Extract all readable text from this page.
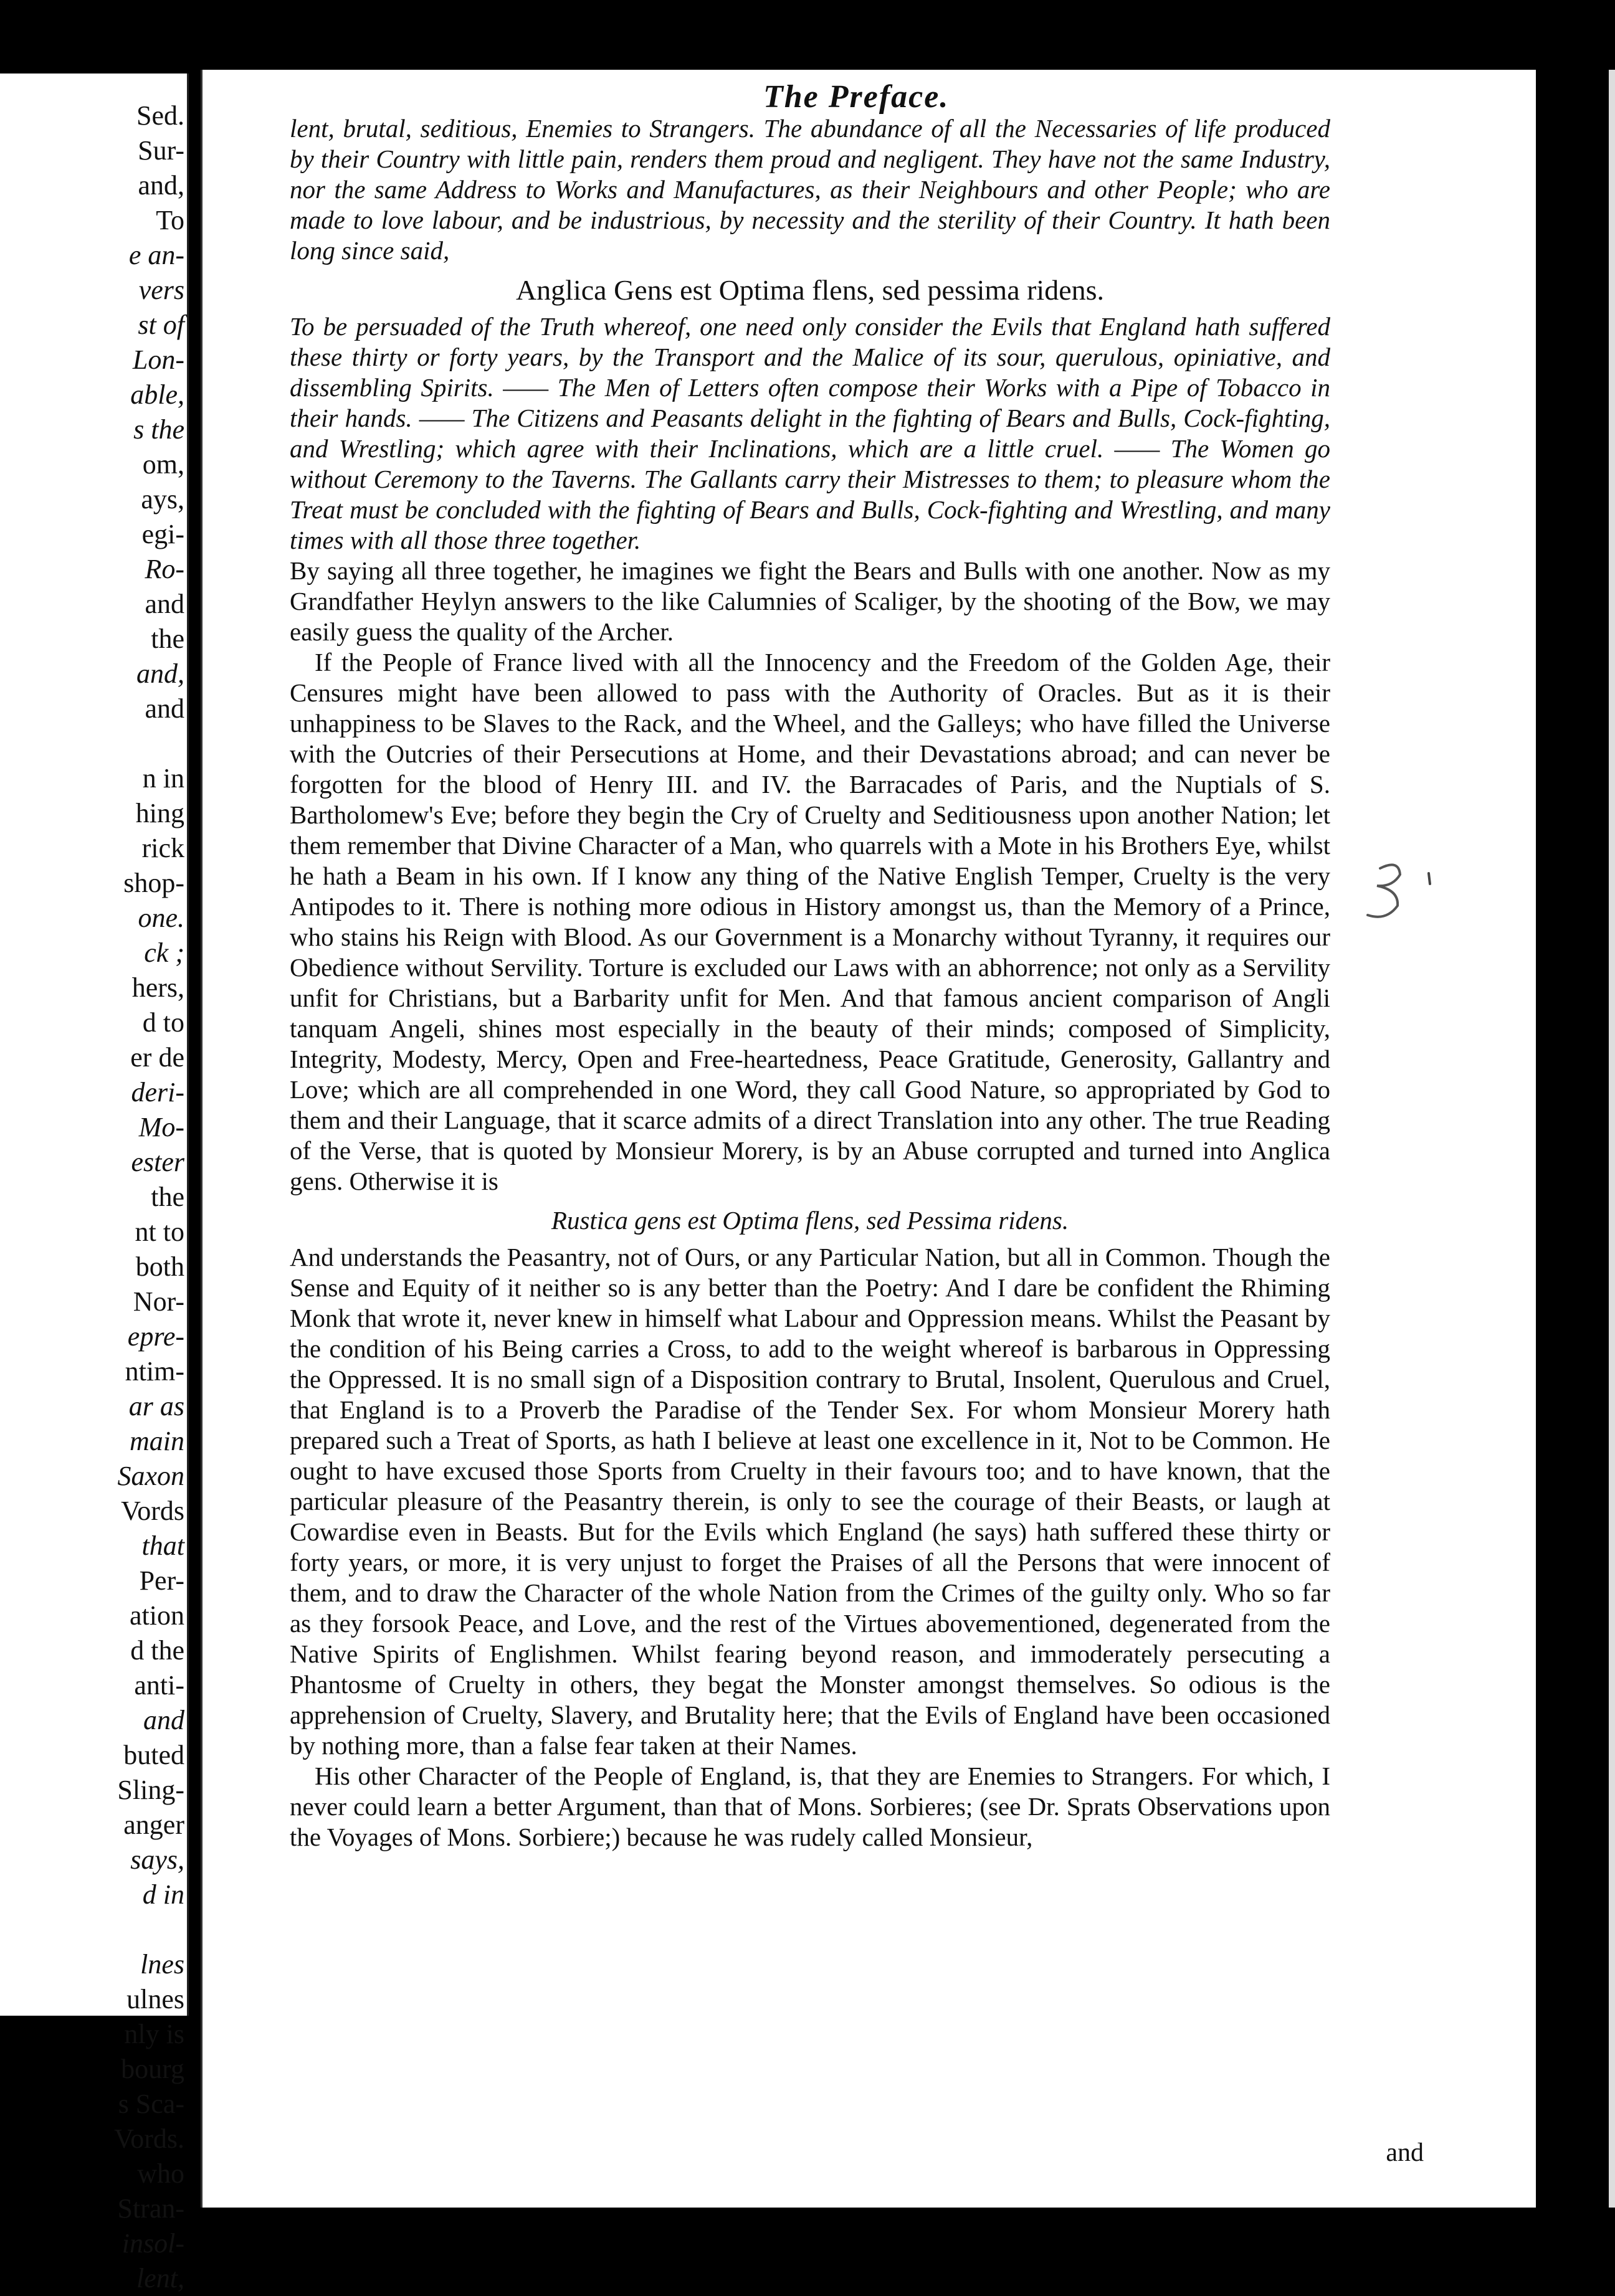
Sed.
Sur-
and,
To
e an-
vers
st of
Lon-
able,
s the
om,
ays,
egi-
Ro-
and
the
and,
and
n in
hing
rick
shop-
one.
ck ;
hers,
d to
er de
deri-
Mo-
ester
the
nt to
both
Nor-
epre-
ntim-
ar as
main
Saxon
Vords
that
Per-
ation
d the
anti-
and
buted
Sling-
anger
says,
d in
lnes
ulnes
nly is
bourg
s Sca-
Vords.
who
Stran-
insol-
lent,
The Preface.

lent, brutal, seditious, Enemies to Strangers. The abundance of all the Necessaries of life produced by their Country with little pain, renders them proud and negligent. They have not the same Industry, nor the same Address to Works and Manufactures, as their Neighbours and other People; who are made to love labour, and be industrious, by necessity and the sterility of their Country. It hath been long since said,

Anglica Gens est Optima flens, sed pessima ridens.

To be persuaded of the Truth whereof, one need only consider the Evils that England hath suffered these thirty or forty years, by the Transport and the Malice of its sour, querulous, opiniative, and dissembling Spirits. —— The Men of Letters often compose their Works with a Pipe of Tobacco in their hands. —— The Citizens and Peasants delight in the fighting of Bears and Bulls, Cock-fighting, and Wrestling; which agree with their Inclinations, which are a little cruel. —— The Women go without Ceremony to the Taverns. The Gallants carry their Mistresses to them; to pleasure whom the Treat must be concluded with the fighting of Bears and Bulls, Cock-fighting and Wrestling, and many times with all those three together.

By saying all three together, he imagines we fight the Bears and Bulls with one another. Now as my Grandfather Heylyn answers to the like Calumnies of Scaliger, by the shooting of the Bow, we may easily guess the quality of the Archer.

If the People of France lived with all the Innocency and the Freedom of the Golden Age, their Censures might have been allowed to pass with the Authority of Oracles. But as it is their unhappiness to be Slaves to the Rack, and the Wheel, and the Galleys; who have filled the Universe with the Outcries of their Persecutions at Home, and their Devastations abroad; and can never be forgotten for the blood of Henry III. and IV. the Barracades of Paris, and the Nuptials of S. Bartholomew's Eve; before they begin the Cry of Cruelty and Seditiousness upon another Nation; let them remember that Divine Character of a Man, who quarrels with a Mote in his Brothers Eye, whilst he hath a Beam in his own. If I know any thing of the Native English Temper, Cruelty is the very Antipodes to it. There is nothing more odious in History amongst us, than the Memory of a Prince, who stains his Reign with Blood. As our Government is a Monarchy without Tyranny, it requires our Obedience without Servility. Torture is excluded our Laws with an abhorrence; not only as a Servility unfit for Christians, but a Barbarity unfit for Men. And that famous ancient comparison of Angli tanquam Angeli, shines most especially in the beauty of their minds; composed of Simplicity, Integrity, Modesty, Mercy, Open and Free-heartedness, Peace Gratitude, Generosity, Gallantry and Love; which are all comprehended in one Word, they call Good Nature, so appropriated by God to them and their Language, that it scarce admits of a direct Translation into any other. The true Reading of the Verse, that is quoted by Monsieur Morery, is by an Abuse corrupted and turned into Anglica gens. Otherwise it is

Rustica gens est Optima flens, sed Pessima ridens.

And understands the Peasantry, not of Ours, or any Particular Nation, but all in Common. Though the Sense and Equity of it neither so is any better than the Poetry: And I dare be confident the Rhiming Monk that wrote it, never knew in himself what Labour and Oppression means. Whilst the Peasant by the condition of his Being carries a Cross, to add to the weight whereof is barbarous in Oppressing the Oppressed. It is no small sign of a Disposition contrary to Brutal, Insolent, Querulous and Cruel, that England is to a Proverb the Paradise of the Tender Sex. For whom Monsieur Morery hath prepared such a Treat of Sports, as hath I believe at least one excellence in it, Not to be Common. He ought to have excused those Sports from Cruelty in their favours too; and to have known, that the particular pleasure of the Peasantry therein, is only to see the courage of their Beasts, or laugh at Cowardise even in Beasts. But for the Evils which England (he says) hath suffered these thirty or forty years, or more, it is very unjust to forget the Praises of all the Persons that were innocent of them, and to draw the Character of the whole Nation from the Crimes of the guilty only. Who so far as they forsook Peace, and Love, and the rest of the Virtues abovementioned, degenerated from the Native Spirits of Englishmen. Whilst fearing beyond reason, and immoderately persecuting a Phantosme of Cruelty in others, they begat the Monster amongst themselves. So odious is the apprehension of Cruelty, Slavery, and Brutality here; that the Evils of England have been occasioned by nothing more, than a false fear taken at their Names.

His other Character of the People of England, is, that they are Enemies to Strangers. For which, I never could learn a better Argument, than that of Mons. Sorbieres; (see Dr. Sprats Observations upon the Voyages of Mons. Sorbiere;) because he was rudely called Monsieur,

and
